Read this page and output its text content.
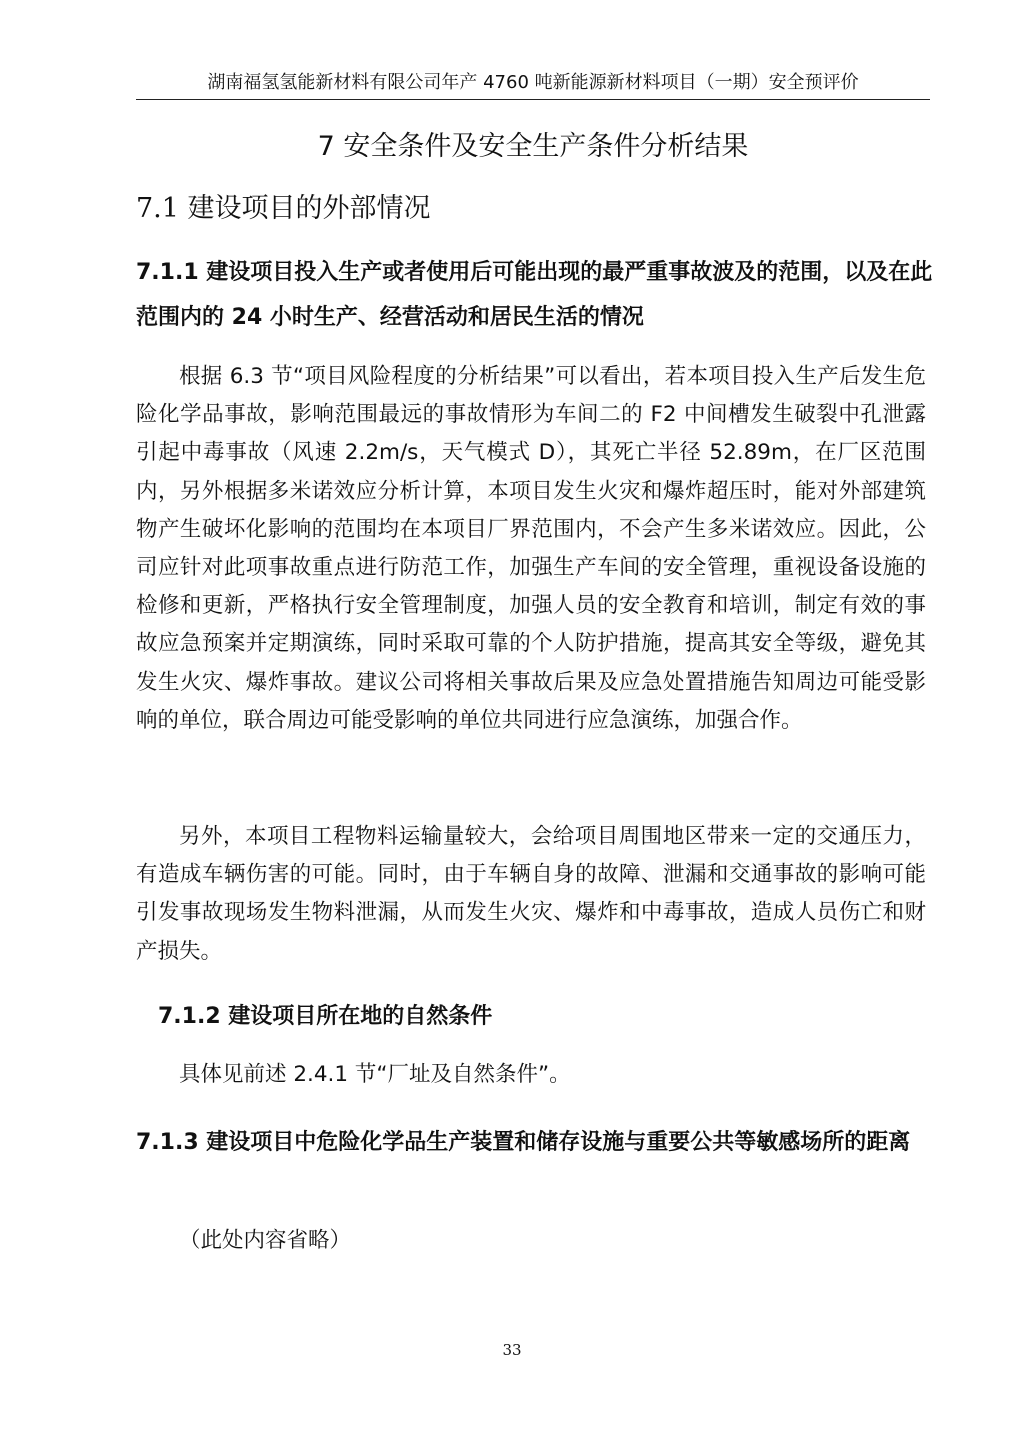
湖南福氢氢能新材料有限公司年产 4760 吨新能源新材料项目（一期）安全预评价
7 安全条件及安全生产条件分析结果
7.1 建设项目的外部情况
7.1.1 建设项目投入生产或者使用后可能出现的最严重事故波及的范围，以及在此范围内的 24 小时生产、经营活动和居民生活的情况

根据 6.3 节“项目风险程度的分析结果”可以看出，若本项目投入生产后发生危险化学品事故，影响范围最远的事故情形为车间二的 F2 中间槽发生破裂中孔泄露引起中毒事故（风速 2.2m/s，天气模式 D），其死亡半径 52.89m，在厂区范围内，另外根据多米诺效应分析计算，本项目发生火灾和爆炸超压时，能对外部建筑物产生破坏化影响的范围均在本项目厂界范围内，不会产生多米诺效应。因此，公司应针对此项事故重点进行防范工作，加强生产车间的安全管理，重视设备设施的检修和更新，严格执行安全管理制度，加强人员的安全教育和培训，制定有效的事故应急预案并定期演练，同时采取可靠的个人防护措施，提高其安全等级，避免其发生火灾、爆炸事故。建议公司将相关事故后果及应急处置措施告知周边可能受影响的单位，联合周边可能受影响的单位共同进行应急演练，加强合作。

另外，本项目工程物料运输量较大，会给项目周围地区带来一定的交通压力，有造成车辆伤害的可能。同时，由于车辆自身的故障、泄漏和交通事故的影响可能引发事故现场发生物料泄漏，从而发生火灾、爆炸和中毒事故，造成人员伤亡和财产损失。

7.1.2 建设项目所在地的自然条件

具体见前述 2.4.1 节“厂址及自然条件”。

7.1.3 建设项目中危险化学品生产装置和储存设施与重要公共等敏感场所的距离

（此处内容省略）

33
